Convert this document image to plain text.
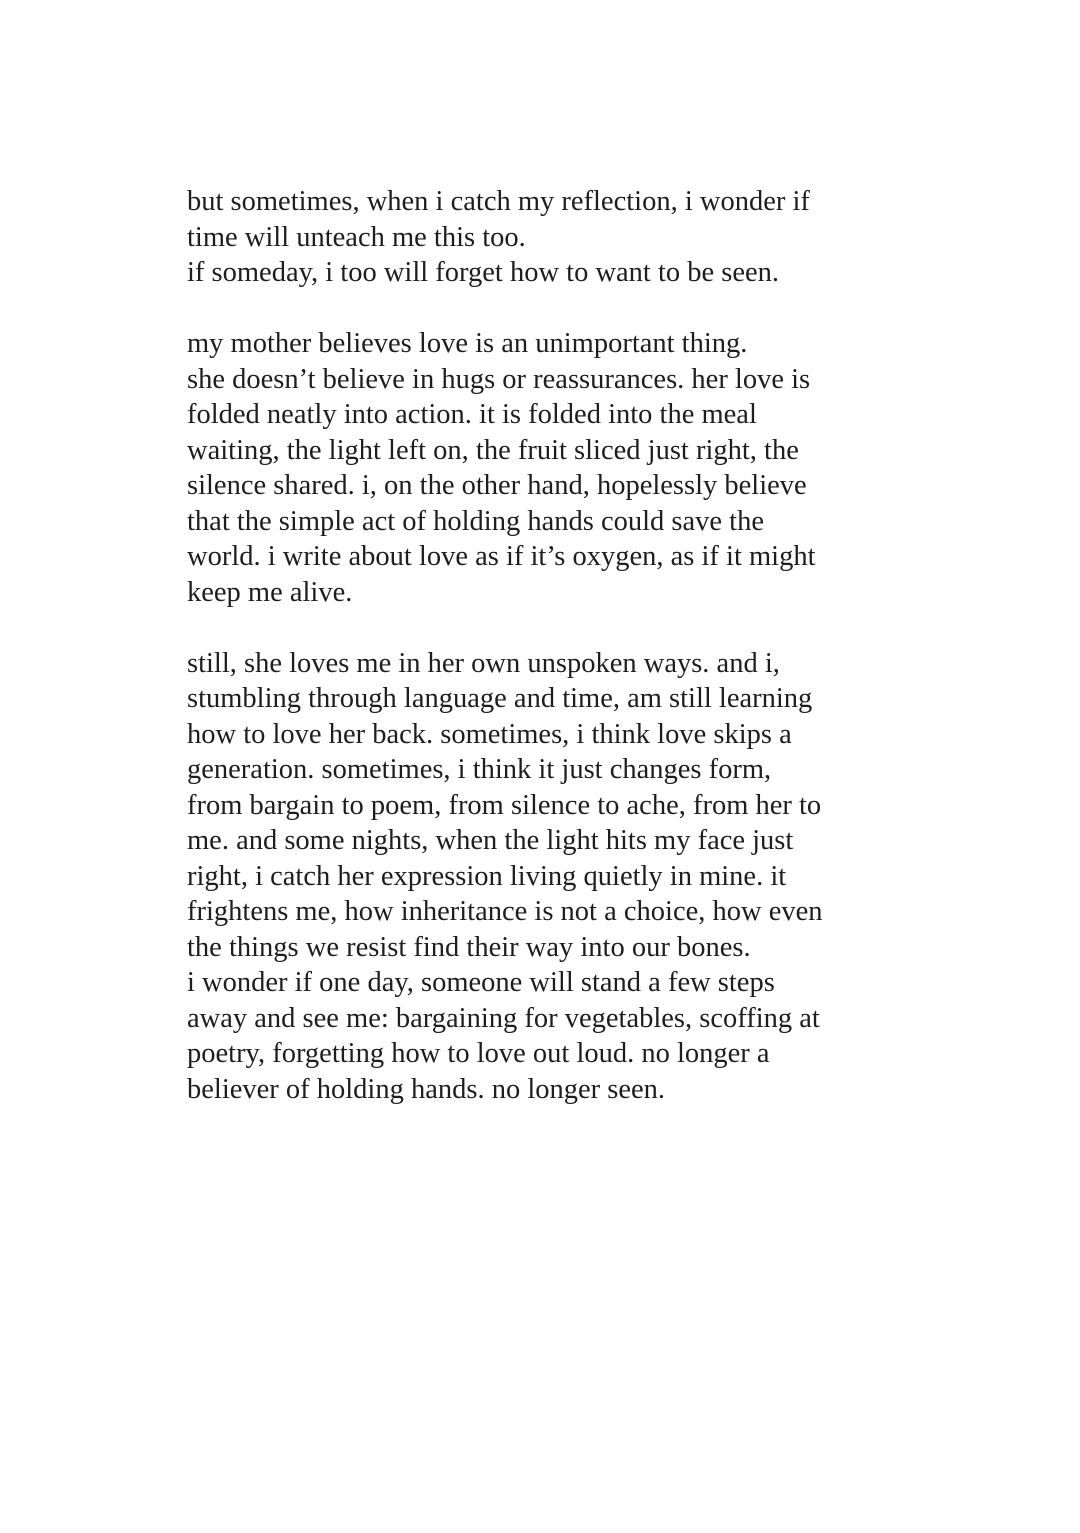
but sometimes, when i catch my reflection, i wonder if
time will unteach me this too.
if someday, i too will forget how to want to be seen.

my mother believes love is an unimportant thing.
she doesn’t believe in hugs or reassurances. her love is
folded neatly into action. it is folded into the meal
waiting, the light left on, the fruit sliced just right, the
silence shared. i, on the other hand, hopelessly believe
that the simple act of holding hands could save the
world. i write about love as if it’s oxygen, as if it might
keep me alive.

still, she loves me in her own unspoken ways. and i,
stumbling through language and time, am still learning
how to love her back. sometimes, i think love skips a
generation. sometimes, i think it just changes form,
from bargain to poem, from silence to ache, from her to
me. and some nights, when the light hits my face just
right, i catch her expression living quietly in mine. it
frightens me, how inheritance is not a choice, how even
the things we resist find their way into our bones.
i wonder if one day, someone will stand a few steps
away and see me: bargaining for vegetables, scoffing at
poetry, forgetting how to love out loud. no longer a
believer of holding hands. no longer seen.
